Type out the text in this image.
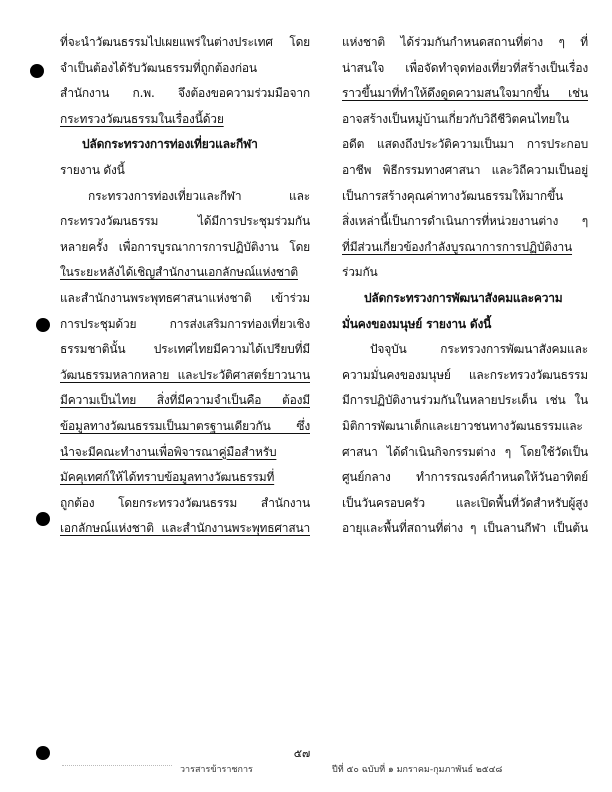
ที่จะนำวัฒนธรรมไปเผยแพร่ในต่างประเทศ โดย
จำเป็นต้องได้รับวัฒนธรรมที่ถูกต้องก่อน
สำนักงาน ก.พ. จึงต้องขอความร่วมมือจาก
กระทรวงวัฒนธรรมในเรื่องนี้ด้วย
ปลัดกระทรวงการท่องเที่ยวและกีฬา
รายงาน ดังนี้
กระทรวงการท่องเที่ยวและกีฬา และ
กระทรวงวัฒนธรรม ได้มีการประชุมร่วมกัน
หลายครั้ง เพื่อการบูรณาการการปฏิบัติงาน โดย
ในระยะหลังได้เชิญสำนักงานเอกลักษณ์แห่งชาติ
และสำนักงานพระพุทธศาสนาแห่งชาติ เข้าร่วม
การประชุมด้วย การส่งเสริมการท่องเที่ยวเชิง
ธรรมชาตินั้น ประเทศไทยมีความได้เปรียบที่มี
วัฒนธรรมหลากหลาย และประวัติศาสตร์ยาวนาน
มีความเป็นไทย สิ่งที่มีความจำเป็นคือ ต้องมี
ข้อมูลทางวัฒนธรรมเป็นมาตรฐานเดียวกัน ซึ่ง
นำจะมีคณะทำงานเพื่อพิจารณาคู่มือสำหรับ
มัคคุเทศก์ให้ได้ทราบข้อมูลทางวัฒนธรรมที่
ถูกต้อง โดยกระทรวงวัฒนธรรม สำนักงาน
เอกลักษณ์แห่งชาติ และสำนักงานพระพุทธศาสนา
แห่งชาติ ได้ร่วมกันกำหนดสถานที่ต่าง ๆ ที่
น่าสนใจ เพื่อจัดทำจุดท่องเที่ยวที่สร้างเป็นเรื่อง
ราวขึ้นมาที่ทำให้ดึงดูดความสนใจมากขึ้น เช่น
อาจสร้างเป็นหมู่บ้านเกี่ยวกับวิถีชีวิตคนไทยใน
อดีต แสดงถึงประวัติความเป็นมา การประกอบ
อาชีพ พิธีกรรมทางศาสนา และวิถีความเป็นอยู่
เป็นการสร้างคุณค่าทางวัฒนธรรมให้มากขึ้น
สิ่งเหล่านี้เป็นการดำเนินการที่หน่วยงานต่าง ๆ
ที่มีส่วนเกี่ยวข้องกำลังบูรณาการการปฏิบัติงาน
ร่วมกัน
ปลัดกระทรวงการพัฒนาสังคมและความ
มั่นคงของมนุษย์ รายงาน ดังนี้
ปัจจุบัน กระทรวงการพัฒนาสังคมและ
ความมั่นคงของมนุษย์ และกระทรวงวัฒนธรรม
มีการปฏิบัติงานร่วมกันในหลายประเด็น เช่น ใน
มิติการพัฒนาเด็กและเยาวชนทางวัฒนธรรมและ
ศาสนา ได้ดำเนินกิจกรรมต่าง ๆ โดยใช้วัดเป็น
ศูนย์กลาง ทำการรณรงค์กำหนดให้วันอาทิตย์
เป็นวันครอบครัว และเปิดพื้นที่วัดสำหรับผู้สูง
อายุและพื้นที่สถานที่ต่าง ๆ เป็นลานกีฬา เป็นต้น
๕๗
วารสารข้าราชการ	ปีที่ ๕๐ ฉบับที่ ๑ มกราคม-กุมภาพันธ์ ๒๕๔๘
